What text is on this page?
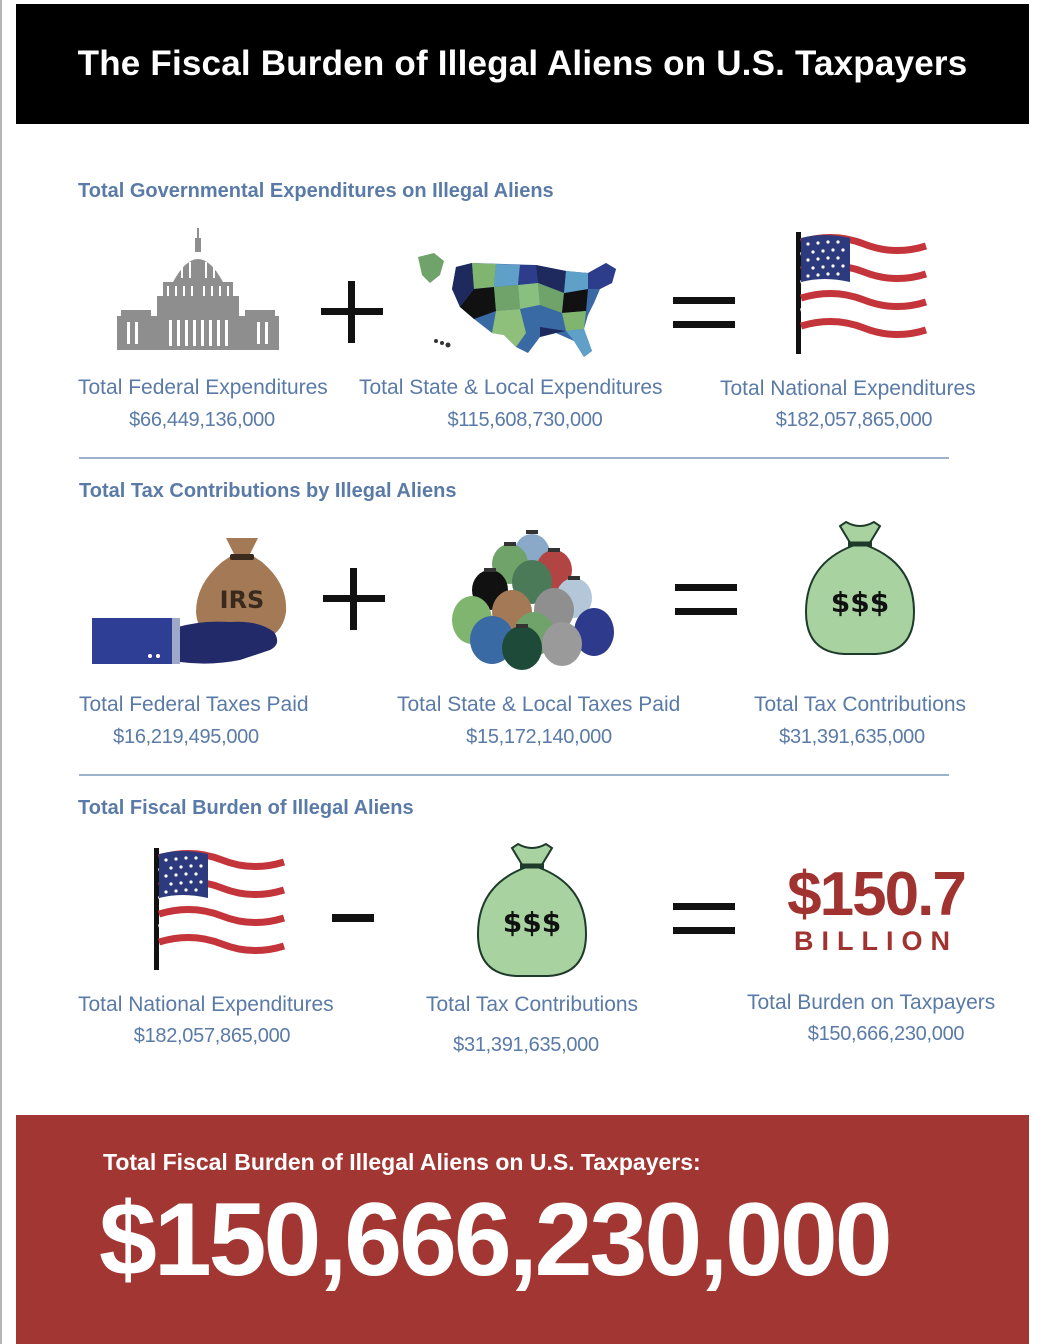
The Fiscal Burden of Illegal Aliens on U.S. Taxpayers
Total Governmental Expenditures on Illegal Aliens
Total Federal Expenditures
$66,449,136,000
Total State & Local Expenditures
$115,608,730,000
Total National Expenditures
$182,057,865,000
Total Tax Contributions by Illegal Aliens
IRS	$$$
Total Federal Taxes Paid
$16,219,495,000
Total State & Local Taxes Paid
$15,172,140,000
Total Tax Contributions
$31,391,635,000
Total Fiscal Burden of Illegal Aliens
$$$	$150.7
BILLION
Total National Expenditures
$182,057,865,000
Total Tax Contributions
$31,391,635,000
Total Burden on Taxpayers
$150,666,230,000
Total Fiscal Burden of Illegal Aliens on U.S. Taxpayers:
$150,666,230,000
